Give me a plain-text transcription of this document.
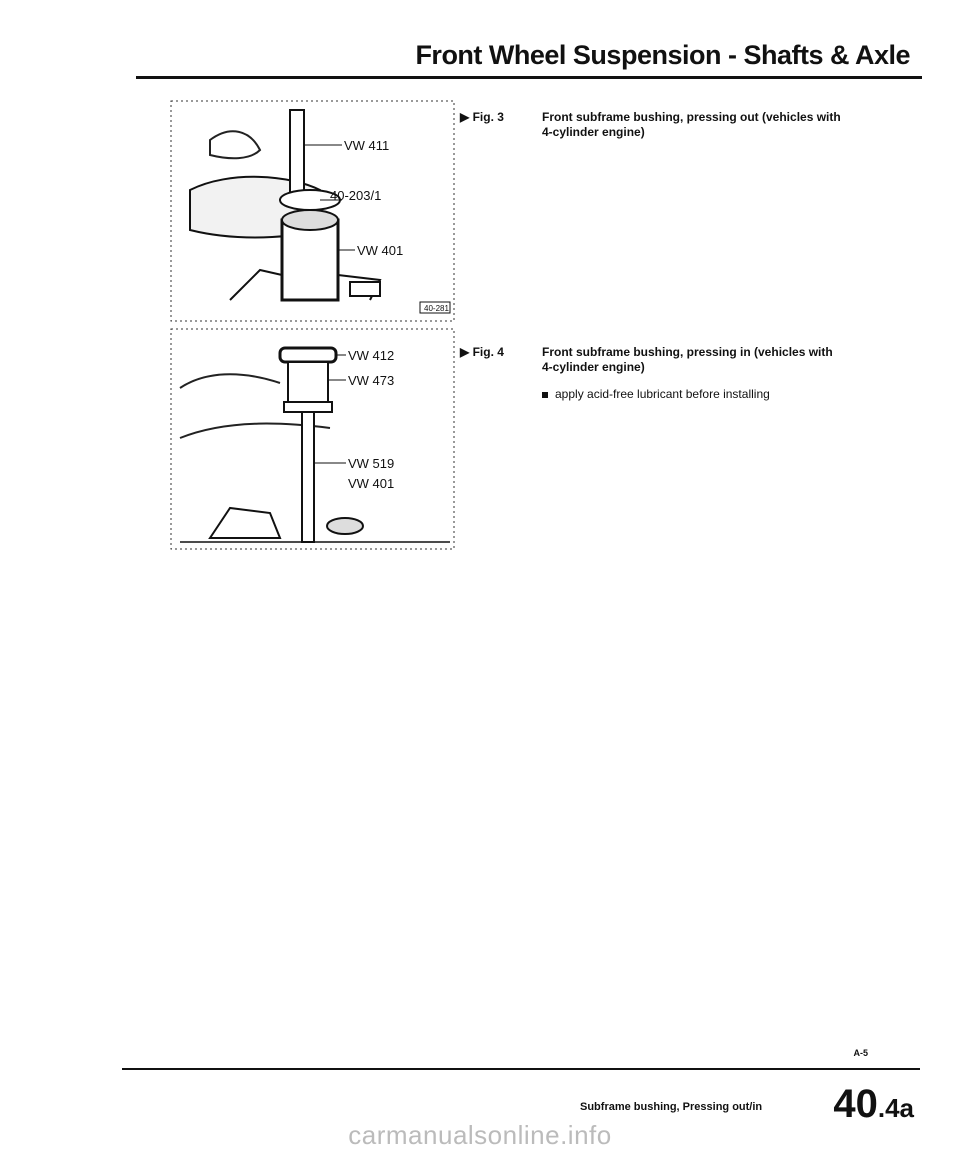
Front Wheel Suspension - Shafts & Axle
VW 411
40-203/1
VW 401
40-281
VW 412
VW 473
VW 519
VW 401
▶ Fig. 3	Front subframe bushing, pressing out (vehicles with 4-cylinder engine)
▶ Fig. 4	Front subframe bushing, pressing in (vehicles with 4-cylinder engine)
apply acid-free lubricant before installing
A-5
Subframe bushing, Pressing out/in 40.4a
carmanualsonline.info
